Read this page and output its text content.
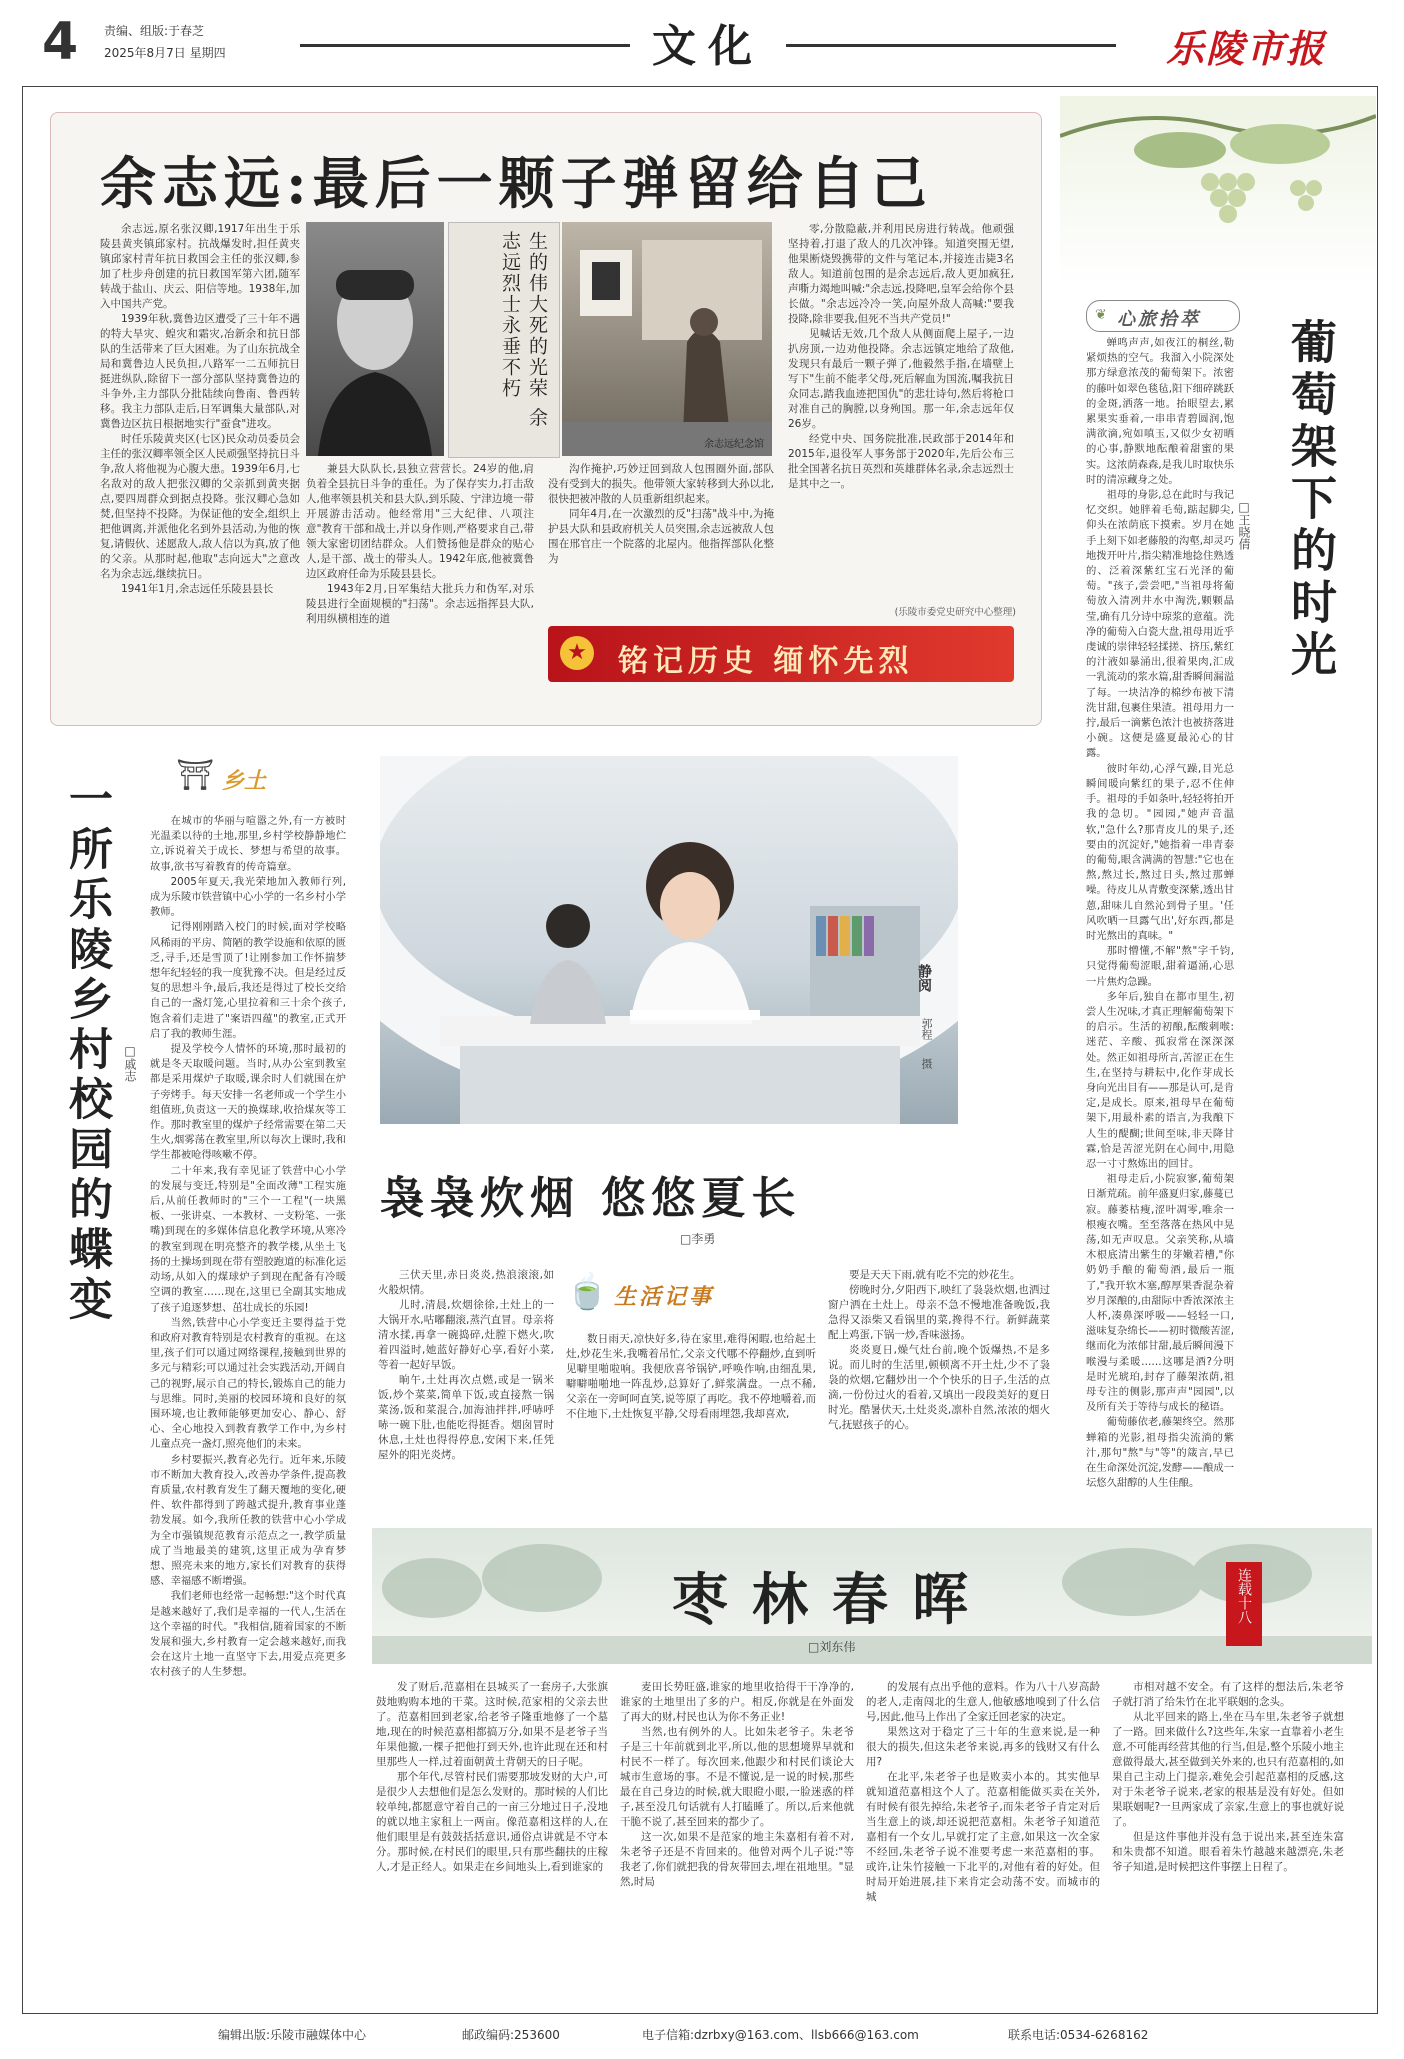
4 责编、组版:于春芝
2025年8月7日 星期四	文化	乐陵市报
余志远:最后一颗子弹留给自己

余志远,原名张汉卿,1917年出生于乐陵县黄夹镇邱家村。抗战爆发时,担任黄夹镇邱家村青年抗日救国会主任的张汉卿,参加了杜步舟创建的抗日救国军第六团,随军转战于盐山、庆云、阳信等地。1938年,加入中国共产党。

1939年秋,冀鲁边区遭受了三十年不遇的特大旱灾、蝗灾和霜灾,冶新余和抗日部队的生活带来了巨大困难。为了山东抗战全局和冀鲁边人民负担,八路军一二五师抗日挺进纵队,除留下一部分部队坚持冀鲁边的斗争外,主力部队分批陆续向鲁南、鲁西转移。我主力部队走后,日军调集大量部队,对冀鲁边区抗日根据地实行"蚕食"进攻。

时任乐陵黄夹区(七区)民众动员委员会主任的张汉卿率领全区人民顽强坚持抗日斗争,敌人将他视为心腹大患。1939年6月,七名敌对的敌人把张汉卿的父亲抓到黄夹据点,要四周群众到据点投降。张汉卿心急如焚,但坚持不投降。为保证他的安全,组织上把他调离,并派他化名到外县活动,为他的恢复,请假伙、述愿敌人,敌人信以为真,放了他的父亲。从那时起,他取"志向远大"之意改名为余志远,继续抗日。

1941年1月,余志远任乐陵县县长

生的伟大死的光荣 余志远烈士永垂不朽
余志远纪念馆

兼县大队队长,县独立营营长。24岁的他,肩负着全县抗日斗争的重任。为了保存实力,打击敌人,他率领县机关和县大队,到乐陵、宁津边境一带开展游击活动。他经常用"三大纪律、八项注意"教育干部和战士,并以身作则,严格要求自己,带领大家密切团结群众。人们赞扬他是群众的贴心人,是干部、战士的带头人。1942年底,他被冀鲁边区政府任命为乐陵县县长。

1943年2月,日军集结大批兵力和伪军,对乐陵县进行全面规模的"扫荡"。余志远指挥县大队,利用纵横相连的道

沟作掩护,巧妙迂回到敌人包围圈外面,部队没有受到大的损失。他带领大家转移到大孙以北,很快把被冲散的人员重新组织起来。

同年4月,在一次激烈的反"扫荡"战斗中,为掩护县大队和县政府机关人员突围,余志远被敌人包围在邢官庄一个院落的北屋内。他指挥部队化整为

零,分散隐蔽,并利用民房进行转战。他顽强坚持着,打退了敌人的几次冲锋。知道突围无望,他果断烧毁携带的文件与笔记本,并接连击毙3名敌人。知道前包围的是余志远后,敌人更加疯狂,声嘶力竭地叫喊:"余志远,投降吧,皇军会给你个县长做。"余志远冷冷一笑,向屋外敌人高喊:"要我投降,除非要我,但死不当共产党员!"

见喊话无效,几个敌人从侧面爬上屋子,一边扒房顶,一边劝他投降。余志远镇定地给了敌他,发现只有最后一颗子弹了,他毅然手指,在墙壁上写下"生前不能孝父母,死后解血为国流,嘱我抗日众同志,踏我血迹把国仇"的悲壮诗句,然后将枪口对准自己的胸膛,以身殉国。那一年,余志远年仅26岁。

经党中央、国务院批准,民政部于2014年和2015年,退役军人事务部于2020年,先后公布三批全国著名抗日英烈和英雄群体名录,余志远烈士是其中之一。

(乐陵市委党史研究中心整理)
★ 铭记历史 缅怀先烈
❦ 心旅拾萃 葡萄架下的时光
□王晓倩

蝉鸣声声,如夜江的桐丝,勒紧烦热的空气。我溜入小院深处那方绿意浓茂的葡萄架下。浓密的藤叶如翠色毯毡,阳下细碎跳跃的金斑,洒落一地。抬眼望去,累累果实垂着,一串串青碧圆润,饱满欲滴,宛如嗔玉,又似少女初晒的心事,静默地酝酿着甜蜜的果实。这浓荫森森,是我儿时取快乐时的清凉藏身之处。

祖母的身影,总在此时与我记忆交织。她胖着毛萄,踮起脚尖,仰头在浓荫底下摸索。岁月在她手上刻下如老藤般的沟壑,却灵巧地拨开叶片,指尖精准地捻住熟透的、泛着深紫红宝石光泽的葡萄。"孩子,尝尝吧,"当祖母将葡萄放入清冽井水中淘洗,颗颗晶莹,确有几分诗中琼浆的意蕴。洗净的葡萄入白瓷大盘,祖母用近乎虔诚的崇律轻轻揉搓、挤压,紫红的汁液如暴涌出,很着果肉,汇成一乳流动的浆水篇,甜香瞬间漏溢了每。一块洁净的棉纱布被下清洗甘甜,包裹住果渣。祖母用力一拧,最后一滴紫色浓汁也被挤落进小碗。这便是盛夏最沁心的甘露。

彼时年幼,心浮气躁,目光总瞬间暖向紫红的果子,忍不住伸手。祖母的手如条叶,轻轻将拍开我的急切。"园园,"她声音温软,"急什么?那青皮儿的果子,还要由的沉淀好,"她指着一串青泰的葡萄,眼含满满的智慧:"它也在熬,熬过长,熬过日头,熬过那蝉噪。待皮儿从青敷变深紫,透出甘蒽,甜味儿自然沁到骨子里。'任风吹晒一旦露气出',好东西,都是时光熬出的真味。"

那时懵懂,不解"熬"字千钧,只觉得葡萄涩眼,甜着逼涌,心思一片焦灼急躁。

多年后,独自在都市里生,初尝人生况味,才真正理解葡萄架下的启示。生活的初酿,酝酸刺喉:迷茫、辛酸、孤寂常在深深深处。然正如祖母所言,苦涩正在生生,在坚持与耕耘中,化作芽成长身向光出目有——那是认可,是肯定,是成长。原来,祖母早在葡萄架下,用最朴素的语言,为我酿下人生的醍醐;世间至味,非天降甘霖,恰是苦涩光阴在心间中,用隐忍一寸寸熬炼出的回甘。

祖母走后,小院寂寥,葡萄架日渐荒疏。前年盛夏归家,藤蔓已寂。藤萎枯瘦,涩叶凋零,唯余一根瘦衣嘴。至至落落在热风中晃荡,如无声叹息。父亲笑称,从墙木根底清出紫生的芽嫩若槽,"你奶奶手酿的葡萄酒,最后一瓶了,"我开软木塞,醇厚果香混杂着岁月深酿的,由甜际中香浓深浓主人杯,凑鼻深呼吸——轻轻一口,滋味复杂绵长——初时微酸苦涩,继而化为浓郁甘甜,最后瞬间漫下喉漫与柔暖……这哪是酒?分明是时光琥珀,封存了藤架浓荫,祖母专注的侧影,那声声"园园",以及所有关于等待与成长的秘语。

葡萄藤依老,藤架终空。然那蝉箱的光影,祖母指尖流淌的紫汁,那句"熬"与"等"的箴言,早已在生命深处沉淀,发酵——酿成一坛悠久甜醇的人生佳酿。

⛩ 乡土
一所乐陵乡村校园的蝶变 □戚志

在城市的华丽与喧嚣之外,有一方被时光温柔以待的土地,那里,乡村学校静静地伫立,诉说着关于成长、梦想与希望的故事。故事,欲书写着教育的传奇篇章。

2005年夏天,我光荣地加入教师行列,成为乐陵市铁营镇中心小学的一名乡村小学教师。

记得刚刚踏入校门的时候,面对学校略风稀雨的平房、简陋的教学设施和依原的匮乏,寻手,还是雪顶了!让刚参加工作怀揣梦想年纪轻轻的我一度犹豫不决。但是经过反复的思想斗争,最后,我还是得过了校长交给自己的一盏灯笼,心里拉着和三十余个孩子,饱含着们走进了"案语四蕴"的教室,正式开启了我的教师生涯。

提及学校今人情怀的环境,那时最初的就是冬天取暖问题。当时,从办公室到教室都是采用煤炉子取暖,课余时人们就围在炉子旁烤手。每天安排一名老师或一个学生小组值班,负责这一天的换煤球,收拾煤灰等工作。那时教室里的煤炉子经常需要在第二天生火,烟雾荡在教室里,所以每次上课时,我和学生都被呛得咳嗽不停。

二十年来,我有幸见证了铁营中心小学的发展与变迁,特别是"全面改薄"工程实施后,从前任教师时的"三个一工程"(一块黑板、一张讲桌、一本教材、一支粉笔、一张嘴)到现在的多媒体信息化教学环境,从寒冷的教室到现在明亮整齐的教学楼,从坐土飞扬的土操场到现在带有塑胶跑道的标准化运动场,从如入的煤球炉子到现在配备有冷暖空调的教室……现在,这里已全副其实地成了孩子追逐梦想、茁壮成长的乐园!

当然,铁营中心小学变迁主要得益于党和政府对教育特别是农村教育的重视。在这里,孩子们可以通过网络课程,接触到世界的多元与精彩;可以通过社会实践活动,开阔自己的视野,展示自己的特长,锻炼自己的能力与思维。同时,美丽的校园环境和良好的氛围环境,也让教师能够更加安心、静心、舒心、全心地投入到教育教学工作中,为乡村儿童点亮一盏灯,照亮他们的未来。

乡村要振兴,教育必先行。近年来,乐陵市不断加大教育投入,改善办学条件,提高教育质量,农村教育发生了翻天覆地的变化,硬件、软件都得到了跨越式提升,教育事业蓬勃发展。如今,我所任教的铁营中心小学成为全市强镇规范教育示范点之一,教学质量成了当地最美的建筑,这里正成为孕育梦想、照亮未来的地方,家长们对教育的获得感、幸福感不断增强。

我们老师也经常一起畅想:"这个时代真是越来越好了,我们是幸福的一代人,生活在这个幸福的时代。"我相信,随着国家的不断发展和强大,乡村教育一定会越来越好,而我会在这片土地一直坚守下去,用爱点亮更多农村孩子的人生梦想。

静阅
郭程
摄
袅袅炊烟 悠悠夏长
□李勇

三伏天里,赤日炎炎,热浪滚滚,如火般炽情。

儿时,清晨,炊烟徐徐,土灶上的一大锅开水,咕嘟翻滚,蒸汽直冒。母亲将清水揉,再拿一碗捣碎,灶膛下燃火,吹着四溢时,她蓝好静好心享,看好小菜,等着一起好早饭。

晌午,土灶再次点燃,或是一锅米饭,炒个菜菜,简单下饭,或直接熬一锅菜汤,饭和菜混合,加海油拌拌,呼哧呼哧一碗下肚,也能吃得挺香。烟囱冒时休息,土灶也得得停息,安闲下来,任凭屋外的阳光炎烤。

🍵 生活记事

数日雨天,凉快好多,待在家里,难得闲暇,也给起土灶,炒花生米,我嘴着吊忙,父亲文代哪不停翻炒,直到听见噼里啪啦响。我便欣喜爷锅铲,呼唤作响,由细乱果,噼噼啪啪地一阵乱炒,总算好了,鲜浆满盘。一点不稀,父亲在一旁呵呵直笑,说等原了再吃。我不停地嚼着,而不住地下,土灶恢复平静,父母看雨埋怨,我却喜欢,

要是天天下雨,就有吃不完的炒花生。

傍晚时分,夕阳西下,映红了袅袅炊烟,也洒过窗户洒在土灶上。母亲不急不慢地准备晚饭,我急得又添柴又看锅里的菜,搀得不行。新鲜蔬菜配上鸡蛋,下锅一炒,香味滋扬。

炎炎夏日,燥气灶台前,晚个饭爆热,不是多说。而儿时的生活里,顿顿离不开土灶,少不了袅袅的炊烟,它翻炒出一个个快乐的日子,生活的点滴,一份份过火的看着,又填出一段段美好的夏日时光。酷暑伏天,土灶炎炎,凛朴自然,浓浓的烟火气,抚慰孩子的心。

枣林春晖
□刘东伟
连载十八

发了财后,范嘉相在县城买了一套房子,大张旗鼓地购购本地的干菜。这时候,范家相的父亲去世了。范嘉相回到老家,给老爷子隆重地修了一个墓地,现在的时候范嘉相都搞万分,如果不是老爷子当年果他撤,一棵子把他打到天外,也许此现在还和村里那些人一样,过着面朝黄土背朝天的日子呢。

那个年代,尽管村民们需要那坡发财的大户,可是很少人去想他们是怎么发财的。那时候的人们比较单纯,都愿意守着自己的一亩三分地过日子,没地的就以地主家租上一两亩。像范嘉相这样的人,在他们眼里是有鼓鼓括括意识,通俗点讲就是不守本分。那时候,在村民们的眼里,只有那些翻扶的庄稼人,才是正经人。如果走在乡间地头上,看到谁家的

麦田长势旺盛,谁家的地里收拾得干干净净的,谁家的土地里出了多的户。相反,你就是在外面发了再大的财,村民也认为你不务正业!

当然,也有例外的人。比如朱老爷子。朱老爷子是三十年前就到北平,所以,他的思想境界早就和村民不一样了。每次回来,他跟少和村民们谈论大城市生意场的事。不是不懂说,是一说的时候,那些最在自己身边的时候,就大眼瞪小眼,一脸迷惑的样子,甚至没几句话就有人打瞌睡了。所以,后来他就干脆不说了,甚至回来的都少了。

这一次,如果不是范家的地主朱嘉相有着不对,朱老爷子还是不肯回来的。他曾对两个儿子说:"等我老了,你们就把我的骨灰带回去,埋在祖地里。"显然,时局

的发展有点出乎他的意料。作为八十八岁高龄的老人,走南闯北的生意人,他敏感地嗅到了什么信号,因此,他马上作出了全家迁回老家的决定。

果然这对于稳定了三十年的生意来说,是一种很大的损失,但这朱老爷来说,再多的钱财又有什么用?

在北平,朱老爷子也是败卖小本的。其实他早就知道范嘉相这个人了。范嘉相能做买卖在关外,有时候有很先掉给,朱老爷子,而朱老爷子肯定对后当生意上的谈,却还说把范嘉相。朱老爷子知道范嘉相有一个女儿,早就打定了主意,如果这一次全家不经回,朱老爷子说不准要考虑一来范嘉相的事。或许,让朱竹接触一下北平的,对他有着的好处。但时局开始进展,挂下来肯定会动荡不安。而城市的城

市相对越不安全。有了这样的想法后,朱老爷子就打消了给朱竹在北平联姻的念头。

从北平回来的路上,坐在马车里,朱老爷子就想了一路。回来做什么?这些年,朱家一直靠着小老生意,不可能再经营其他的行当,但是,整个乐陵小地主意做得最大,甚至做到关外来的,也只有范嘉相的,如果自己主动上门提亲,难免会引起范嘉相的反感,这对于朱老爷子说来,老家的根基是没有好处。但如果联姻呢?一旦两家成了亲家,生意上的事也就好说了。

但是这件事他并没有急于说出来,甚至连朱富和朱贵都不知道。眼看着朱竹越越来越漂亮,朱老爷子知道,是时候把这件事摆上日程了。

编辑出版:乐陵市融媒体中心	邮政编码:253600	电子信箱:dzrbxy@163.com、llsb666@163.com	联系电话:0534-6268162
